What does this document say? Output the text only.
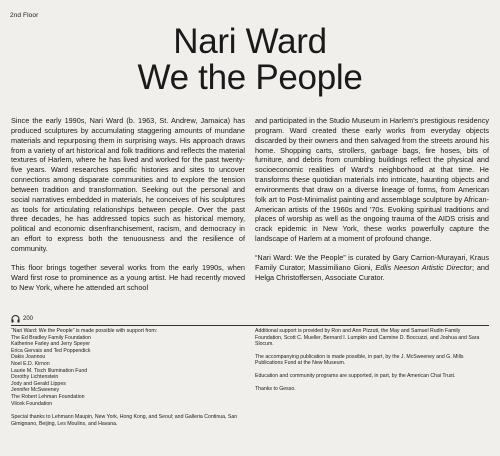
2nd Floor
Nari Ward
We the People

Since the early 1990s, Nari Ward (b. 1963, St. Andrew, Jamaica) has produced sculptures by accumulating staggering amounts of mundane materials and repurposing them in surprising ways. His approach draws from a variety of art historical and folk traditions and reflects the material textures of Harlem, where he has lived and worked for the past twenty-five years. Ward researches specific histories and sites to uncover connections among disparate communities and to explore the tension between tradition and transformation. Seeking out the personal and social narratives embedded in materials, he conceives of his sculptures as tools for articulating relationships between people. Over the past three decades, he has addressed topics such as historical memory, political and economic disenfranchisement, racism, and democracy in an effort to express both the tenuousness and the resilience of community.

This floor brings together several works from the early 1990s, when Ward first rose to prominence as a young artist. He had recently moved to New York, where he attended art school

and participated in the Studio Museum in Harlem's prestigious residency program. Ward created these early works from everyday objects discarded by their owners and then salvaged from the streets around his home. Shopping carts, strollers, garbage bags, fire hoses, bits of furniture, and debris from crumbling buildings reflect the physical and socioeconomic realities of Ward's neighborhood at that time. He transforms these quotidian materials into intricate, haunting objects and environments that draw on a diverse lineage of forms, from American folk art to Post-Minimalist painting and assemblage sculpture by African-American artists of the 1960s and '70s. Evoking spiritual traditions and places of worship as well as the ongoing trauma of the AIDS crisis and crack epidemic in New York, these works powerfully capture the landscape of Harlem at a moment of profound change.

“Nari Ward: We the People” is curated by Gary Carrion-Murayari, Kraus Family Curator; Massimiliano Gioni, Edlis Neeson Artistic Director; and Helga Christoffersen, Associate Curator.

200
“Nari Ward: We the People” is made possible with support from:
The Ed Bradley Family Foundation
Katherine Farley and Jerry Speyer
Erica Gervais and Ted Poppendick
Dakis Joannou
Noel E.D. Kirnon
Laurie M. Tisch Illumination Fund
Dorothy Lichtenstein
Jody and Gerald Lippes
Jennifer McSweeney
The Robert Lehman Foundation
Vilcek Foundation

Special thanks to Lehmann Maupin, New York, Hong Kong, and Seoul; and Galleria Continua, San Gimignano, Beijing, Les Moulins, and Havana.

Additional support is provided by Ron and Ann Pizzuti, the May and Samuel Rudin Family Foundation, Scott C. Mueller, Bernard I. Lumpkin and Carmine D. Boccuzzi, and Joshua and Sara Slocum.

The accompanying publication is made possible, in part, by the J. McSweeney and G. Mills Publications Fund at the New Museum.

Education and community programs are supported, in part, by the American Chai Trust.

Thanks to Gesso.
